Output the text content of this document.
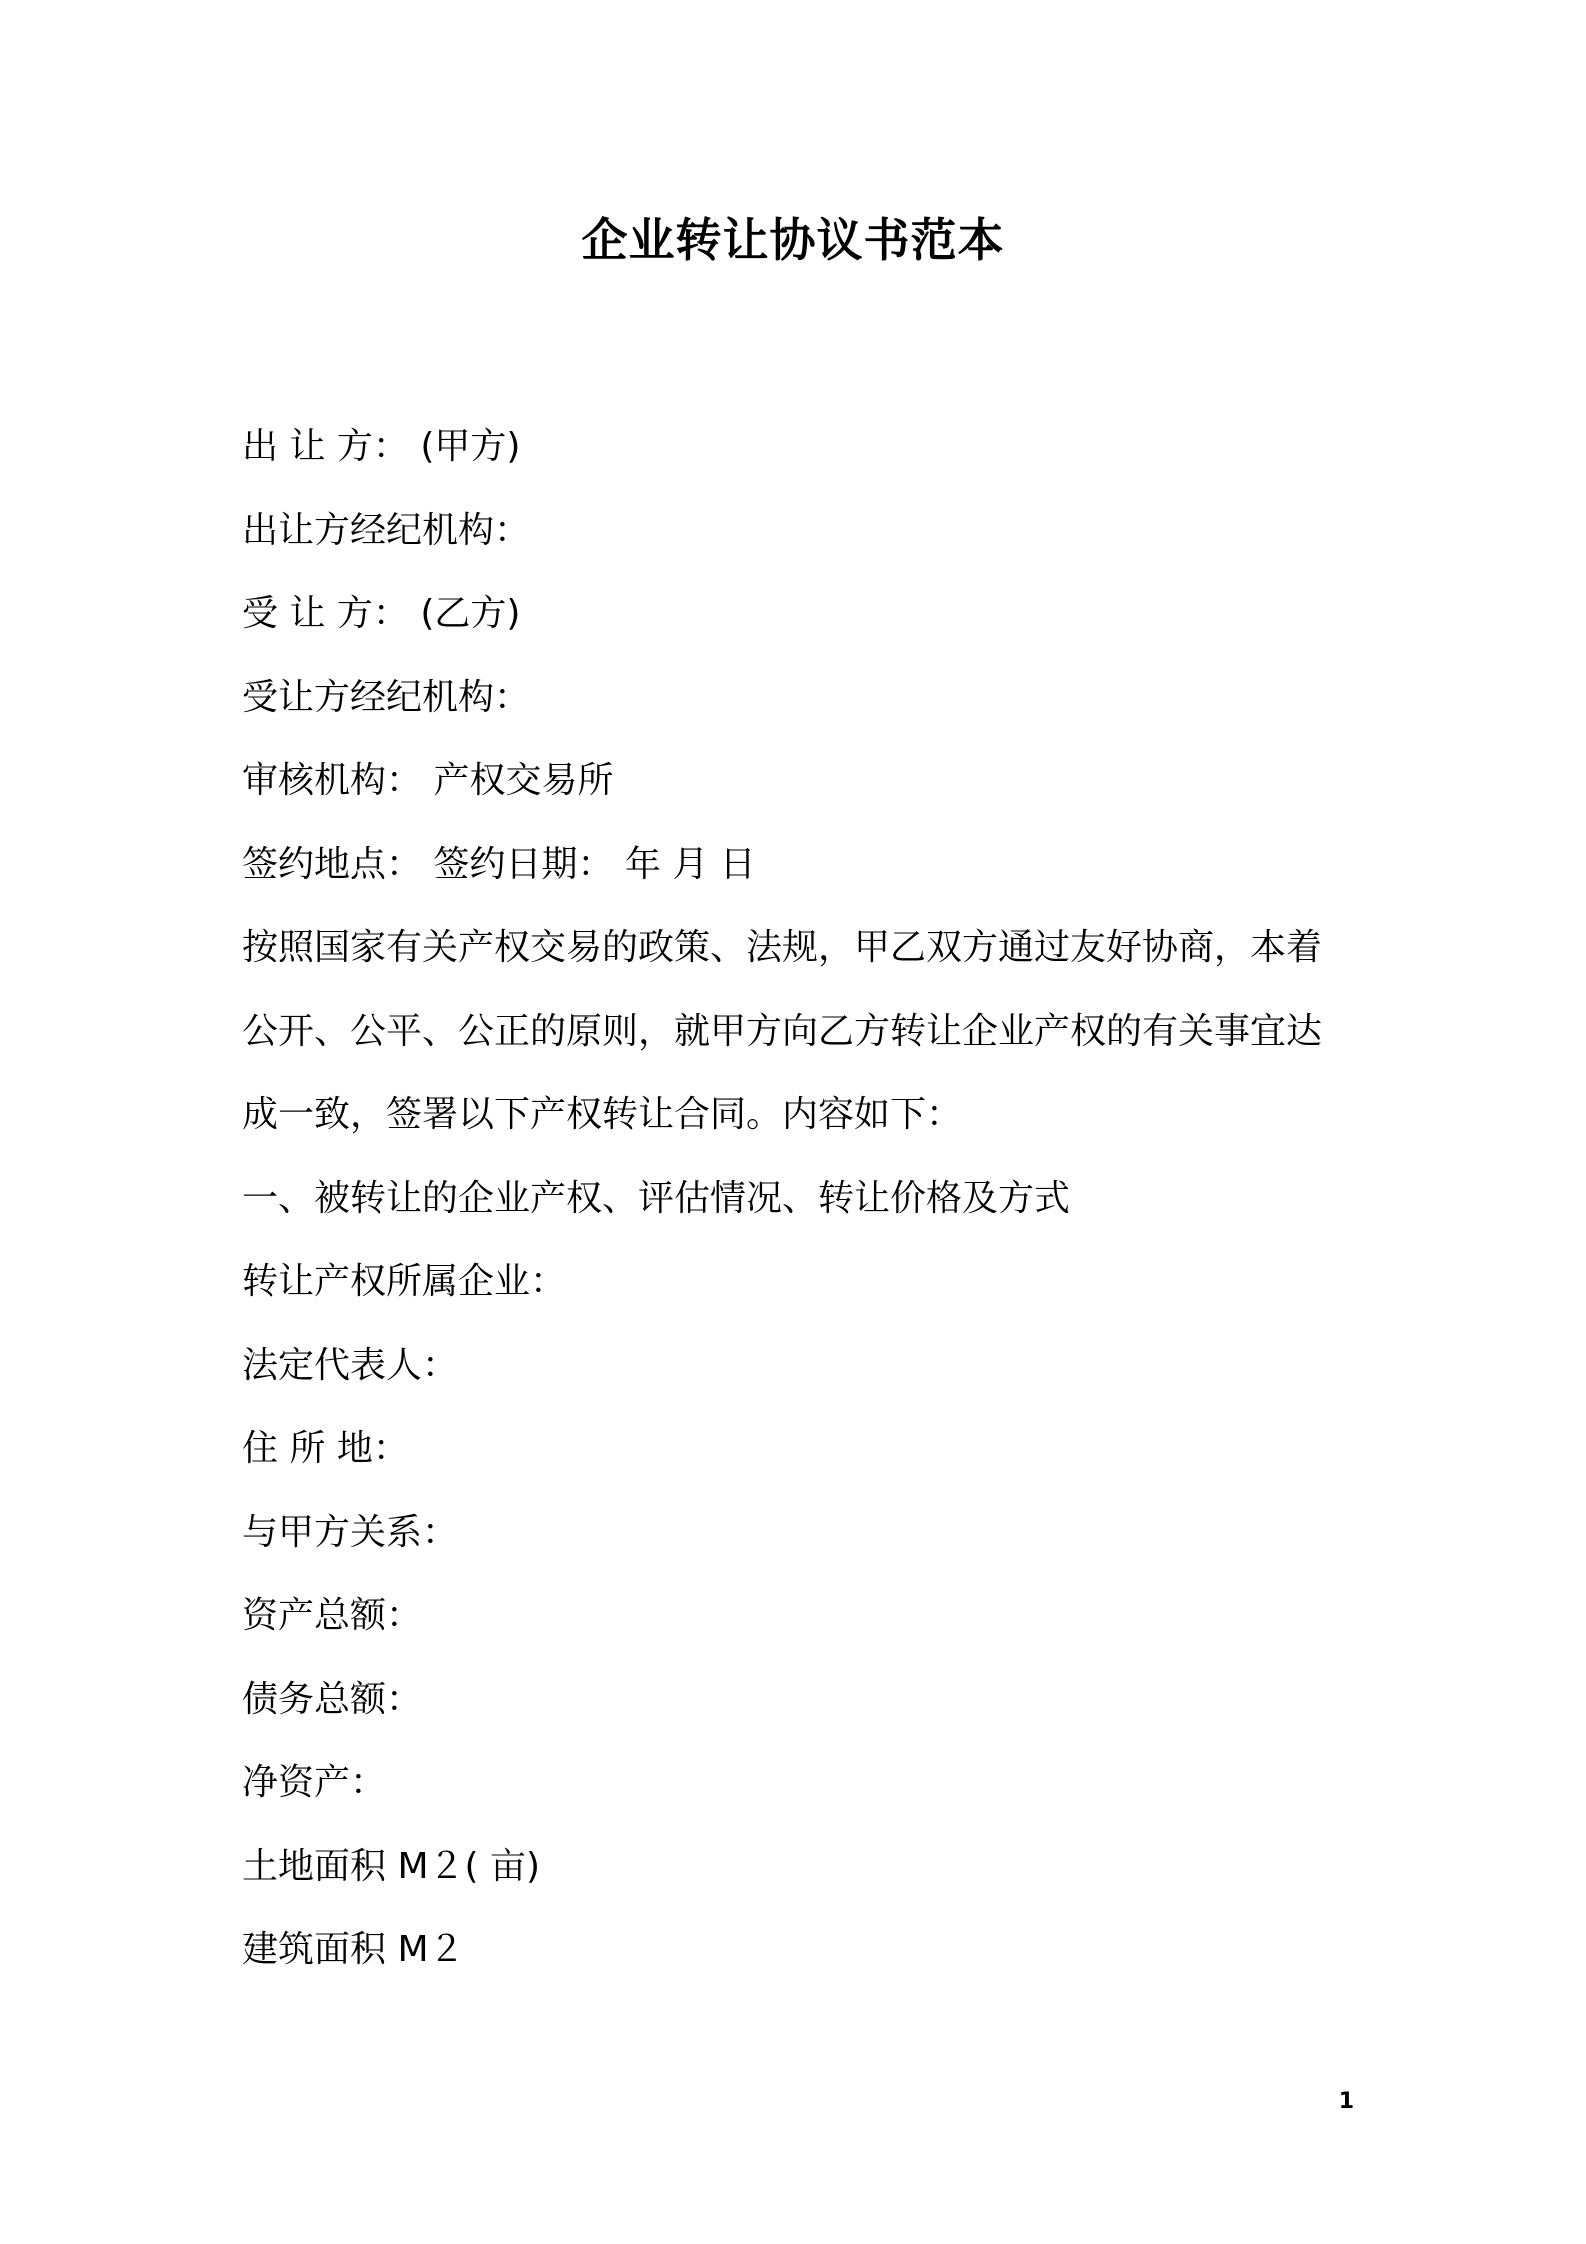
企业转让协议书范本
出 让 方： (甲方)
出让方经纪机构：
受 让 方： (乙方)
受让方经纪机构：
审核机构： 产权交易所
签约地点： 签约日期： 年 月 日
按照国家有关产权交易的政策、法规，甲乙双方通过友好协商，本着
公开、公平、公正的原则，就甲方向乙方转让企业产权的有关事宜达
成一致，签署以下产权转让合同。内容如下：
一、被转让的企业产权、评估情况、转让价格及方式
转让产权所属企业：
法定代表人：
住 所 地：
与甲方关系：
资产总额：
债务总额：
净资产：
土地面积 M２( 亩)
建筑面积 M２
1
